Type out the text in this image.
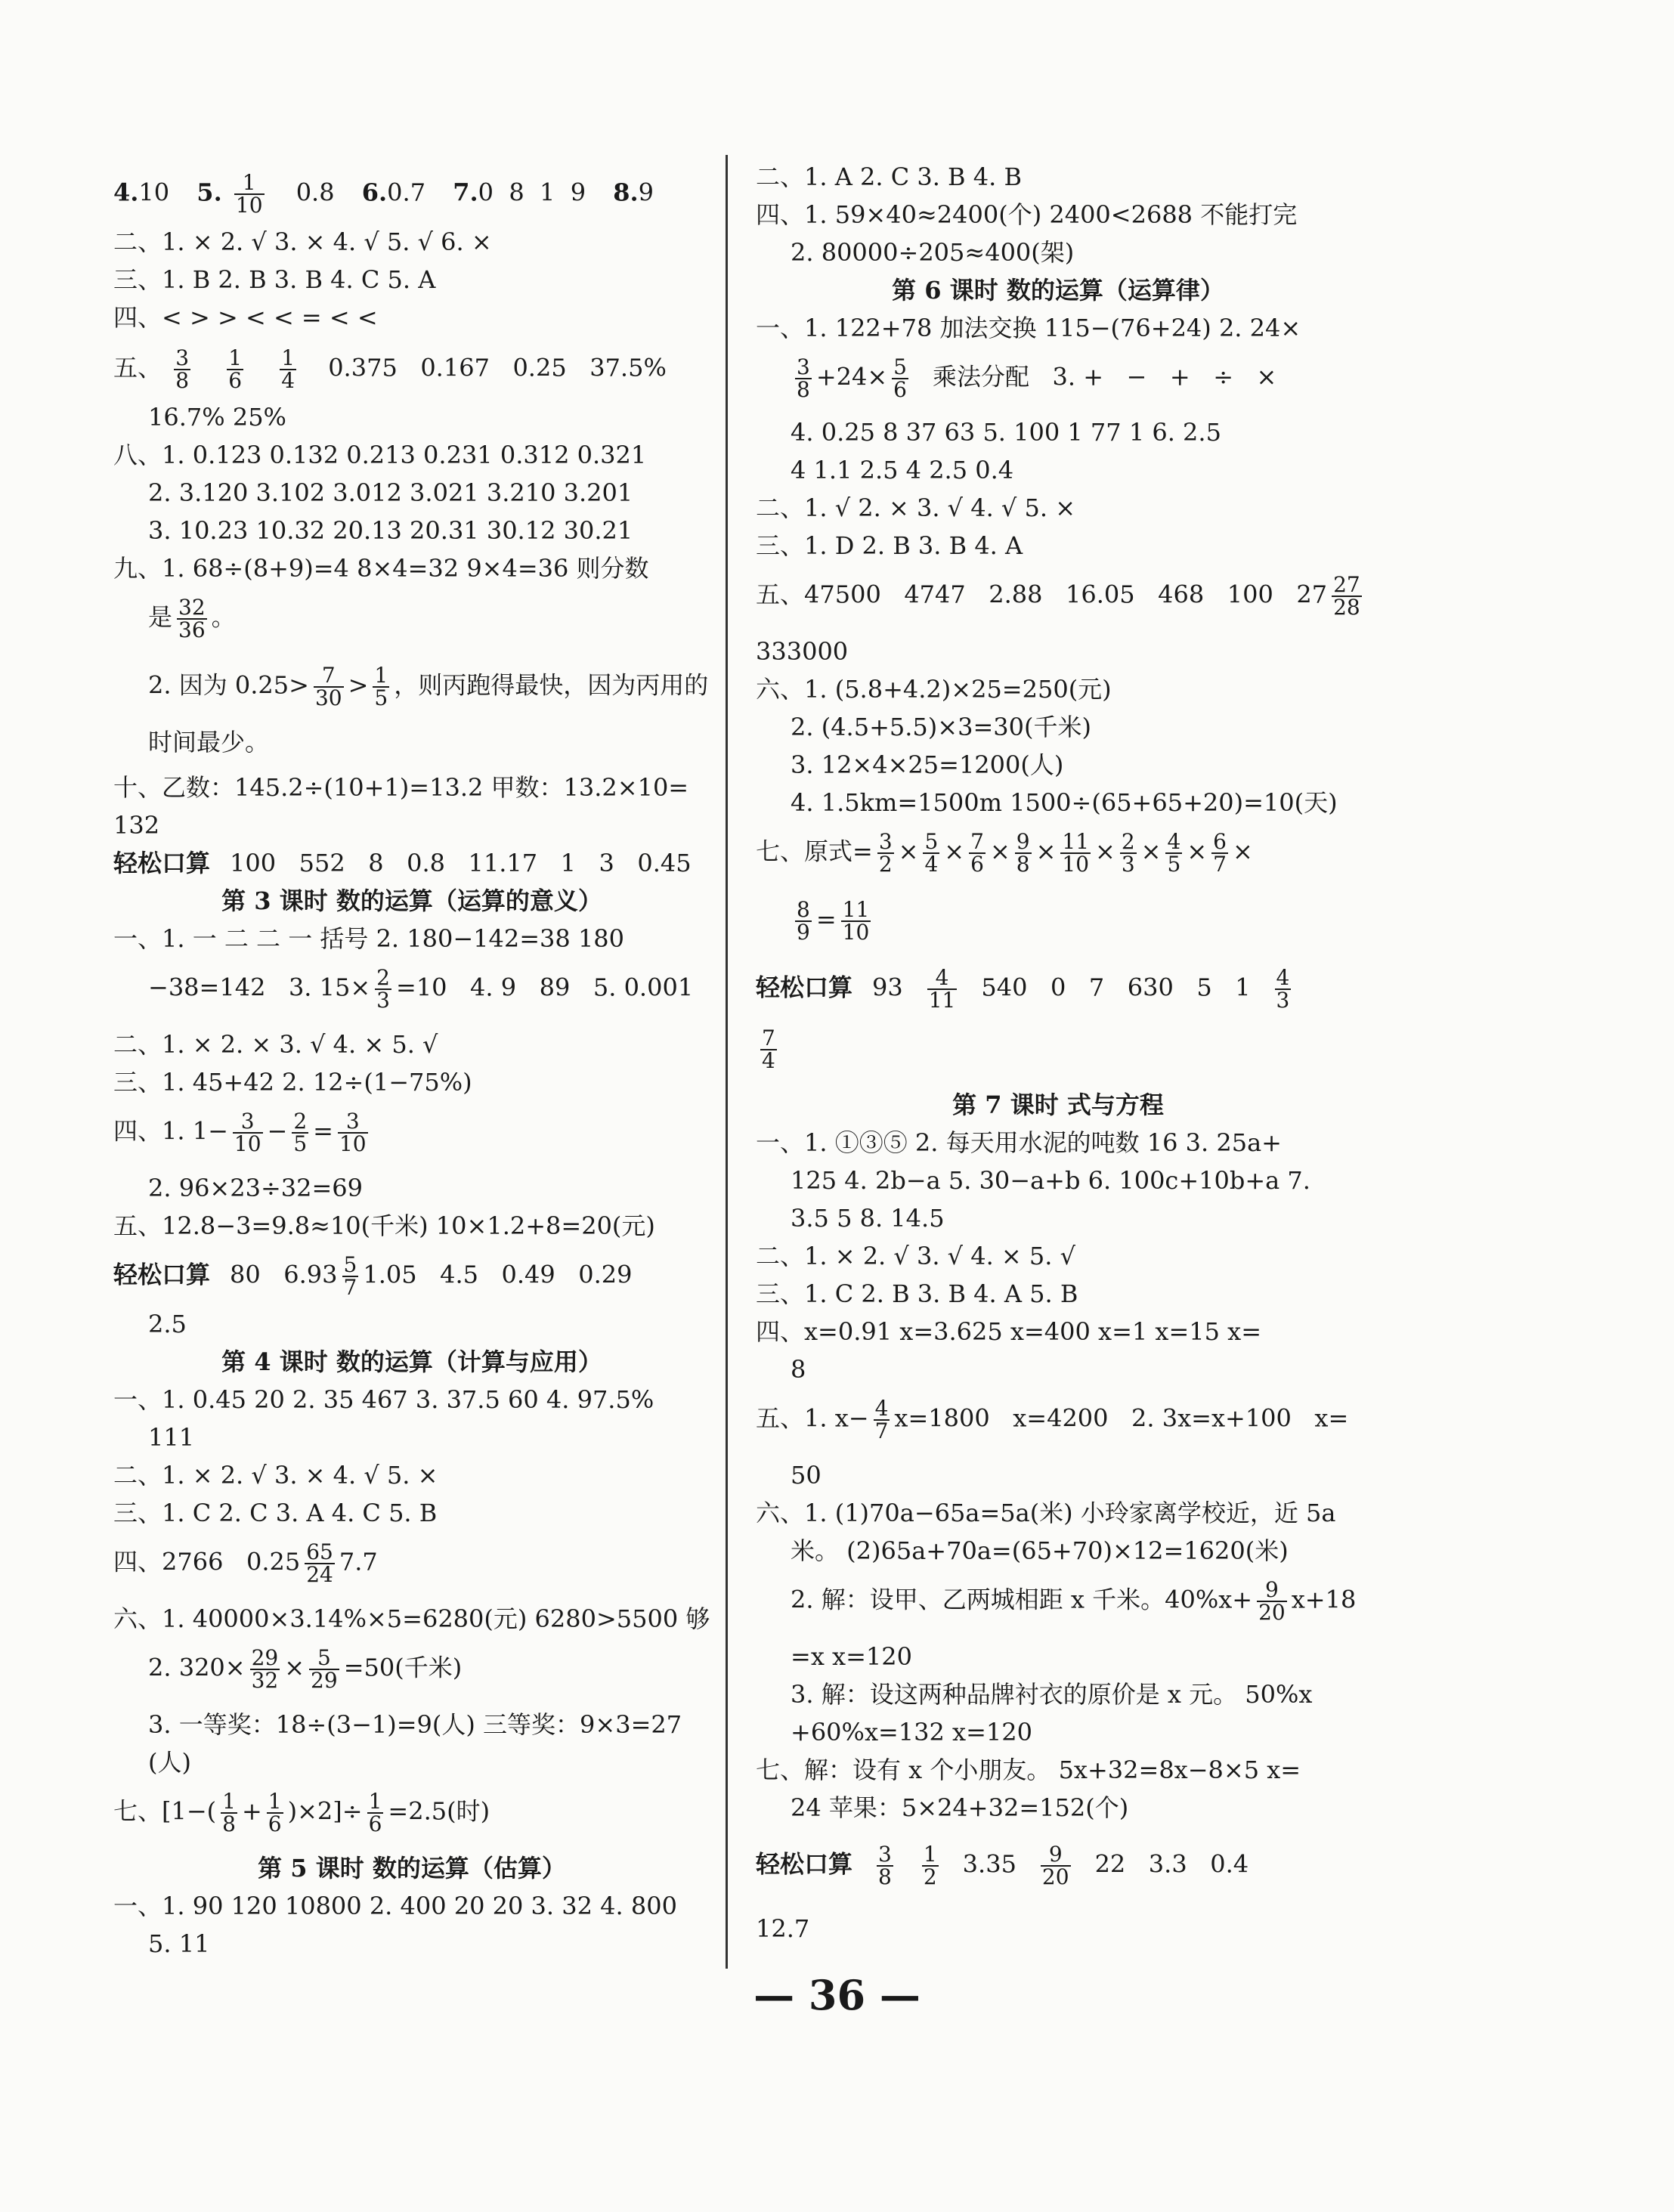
4.10 5. $\frac{1}{10} 0.8$ 6.0.7 7.0  8  1  9 8.9
二、1. × 2. √ 3. × 4. √ 5. √ 6. ×
三、1. B 2. B 3. B 4. C 5. A
四、< > > < < = < <
五、 $\frac{3}{8}$
$\frac{1}{6}$
$\frac{1}{4} 0.375$   0.167   0.25   37.5%
16.7% 25%
八、1. 0.123 0.132 0.213 0.231 0.312 0.321
2. 3.120 3.102 3.012 3.021 3.210 3.201
3. 10.23 10.32 20.13 20.31 30.12 30.21
九、1. 68÷(8+9)=4 8×4=32 9×4=36 则分数
是 $\frac{32}{36}$ 。
2. 因为 $0.25> \frac{7}{30} > \frac{1}{5}$ ，则丙跑得最快，因为丙用的
时间最少。
十、乙数：145.2÷(10+1)=13.2 甲数：13.2×10=
132
轻松口算 100   552   8   0.8   11.17   1   3   0.45
第 3 课时 数的运算（运算的意义）
一、1. 一 二 二 一 括号 2. 180−142=38 180
−38=142   3. $15\times \frac{2}{3} =10$   4. 9   89   5. 0.001
二、1. × 2. × 3. √ 4. × 5. √
三、1. 45+42 2. 12÷(1−75%)
四、1. $1- \frac{3}{10} - \frac{2}{5} = \frac{3}{10}$
2. 96×23÷32=69
五、12.8−3=9.8≈10(千米) 10×1.2+8=20(元)
轻松口算 80   $6.93 \frac{5}{7} 1.05$   4.5   0.49   0.29
2.5
第 4 课时 数的运算（计算与应用）
一、1. 0.45 20 2. 35 467 3. 37.5 60 4. 97.5%
111
二、1. × 2. √ 3. × 4. √ 5. ×
三、1. C 2. C 3. A 4. C 5. B
四、2766   $0.25 \frac{65}{24} 7.7$
六、1. 40000×3.14%×5=6280(元) 6280>5500 够
2. $320\times \frac{29}{32} \times \frac{5}{29} =50$(千米)
3. 一等奖：18÷(3−1)=9(人) 三等奖：9×3=27
(人)
七、$[1-( \frac{1}{8} + \frac{1}{6} )\times 2]\div \frac{1}{6} =2.5$(时)
第 5 课时 数的运算（估算）
一、1. 90 120 10800 2. 400 20 20 3. 32 4. 800
5. 11
二、1. A 2. C 3. B 4. B
四、1. 59×40≈2400(个) 2400<2688 不能打完
2. 80000÷205≈400(架)
第 6 课时 数的运算（运算律）
一、1. 122+78 加法交换 115−(76+24) 2. 24×
$\frac{3}{8} +24\times \frac{5}{6}$ 乘法分配   3. +   −   +   ÷   ×
4. 0.25 8 37 63 5. 100 1 77 1 6. 2.5
4 1.1 2.5 4 2.5 0.4
二、1. √ 2. × 3. √ 4. √ 5. ×
三、1. D 2. B 3. B 4. A
五、47500   4747   2.88   16.05   468   100   $27 \frac{27}{28}$
333000
六、1. (5.8+4.2)×25=250(元)
2. (4.5+5.5)×3=30(千米)
3. 12×4×25=1200(人)
4. 1.5km=1500m 1500÷(65+65+20)=10(天)
七、原式= $\frac{3}{2} \times \frac{5}{4} \times \frac{7}{6} \times \frac{9}{8} \times \frac{11}{10} \times \frac{2}{3} \times \frac{4}{5} \times \frac{6}{7}$ ×
$\frac{8}{9} = \frac{11}{10}$
轻松口算 $93 \frac{4}{11} 540$   0   7   630   5   $1 \frac{4}{3}$
$\frac{7}{4}$
第 7 课时 式与方程
一、1. ①③⑤ 2. 每天用水泥的吨数 16 3. 25a+
125 4. 2b−a 5. 30−a+b 6. 100c+10b+a 7.
3.5 5 8. 14.5
二、1. × 2. √ 3. √ 4. × 5. √
三、1. C 2. B 3. B 4. A 5. B
四、x=0.91 x=3.625 x=400 x=1 x=15 x=
8
五、1. $x- \frac{4}{7} x=1800$   x=4200   2. 3x=x+100   x=
50
六、1. (1)70a−65a=5a(米) 小玲家离学校近，近 5a
米。 (2)65a+70a=(65+70)×12=1620(米)
2. 解：设甲、乙两城相距 x 千米。$40\%x+ \frac{9}{20} x+18$
=x x=120
3. 解：设这两种品牌衬衣的原价是 x 元。 50%x
+60%x=132 x=120
七、解：设有 x 个小朋友。 5x+32=8x−8×5 x=
24 苹果：5×24+32=152(个)
轻松口算 $\frac{3}{8} \frac{1}{2} 3.35 \frac{9}{20} 22$   3.3   0.4
12.7
— 36 —
